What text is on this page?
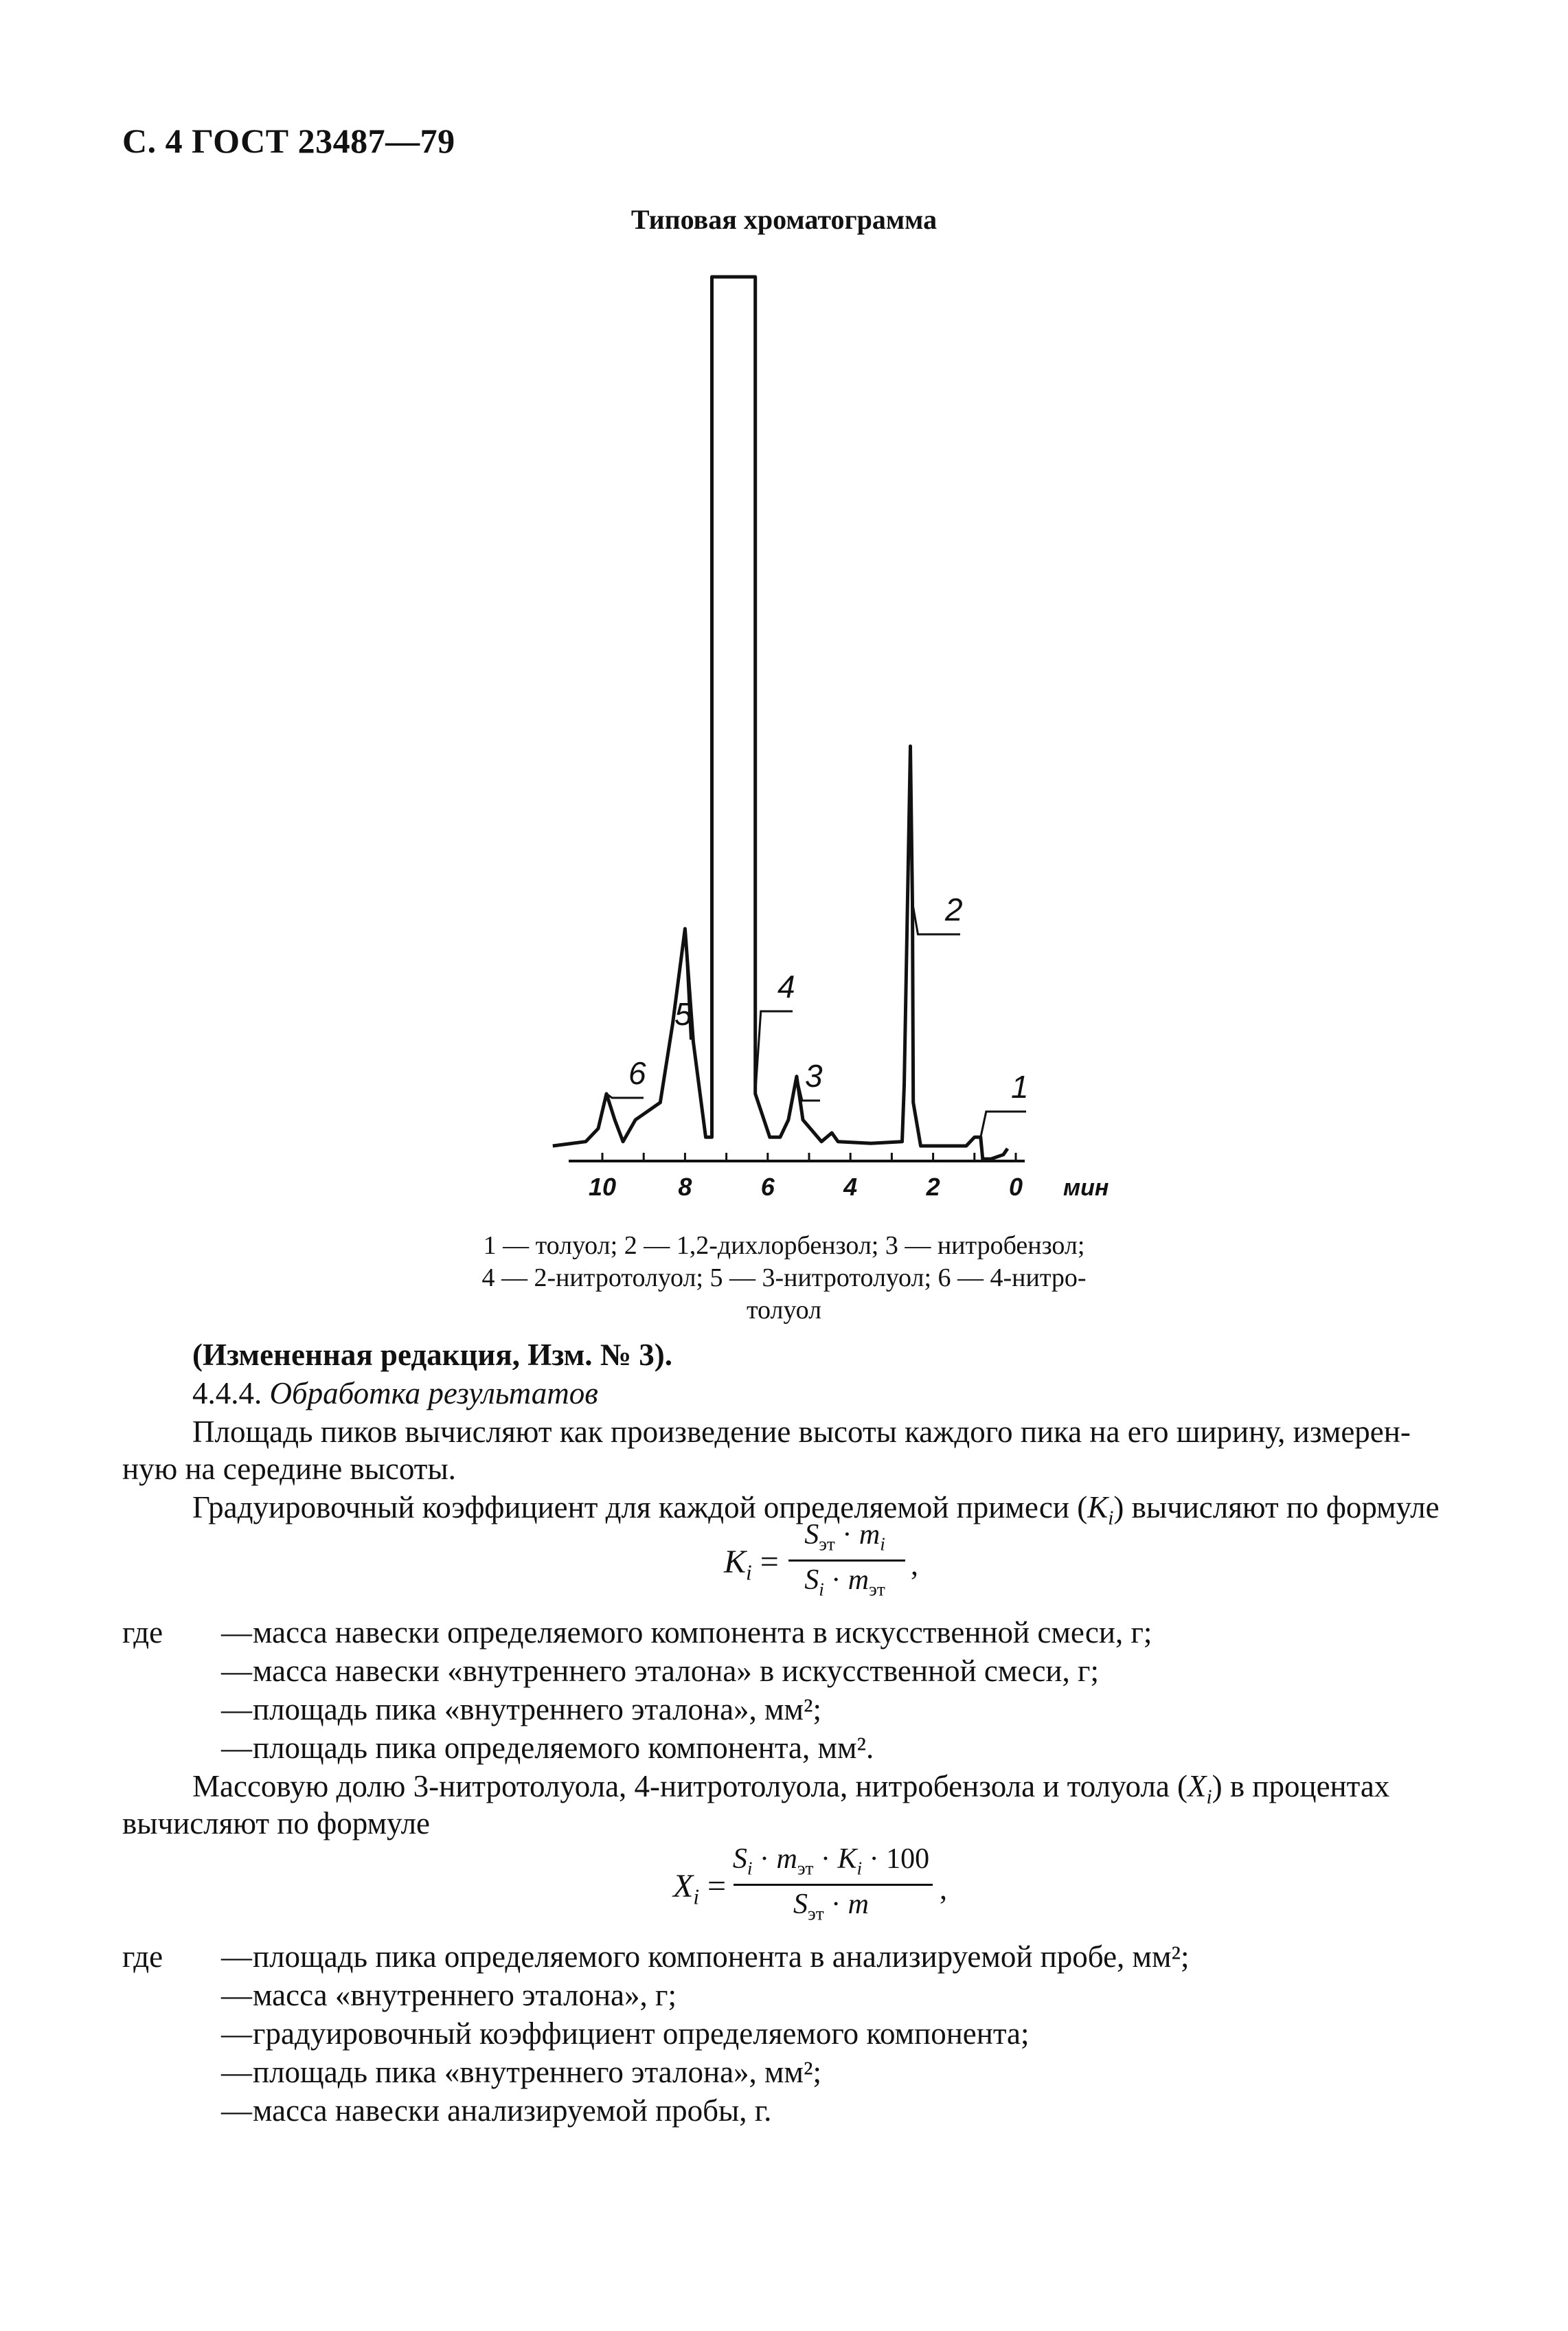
С. 4 ГОСТ 23487—79
Типовая хроматограмма
10	8	6	4	2	0 мин
1
2
3
4
5
6
1 — толуол; 2 — 1,2-дихлорбензол; 3 — нитробензол;
4 — 2-нитротолуол; 5 — 3-нитротолуол; 6 — 4-нитро-
толуол
(Измененная редакция, Изм. № 3).
4.4.4. Обработка результатов
Площадь пиков вычисляют как произведение высоты каждого пика на его ширину, измерен-
ную на середине высоты.
Градуировочный коэффициент для каждой определяемой примеси $(K_i)$ вычисляют по формуле
$K_i$ =
$S_{эт} \cdot m_i$
$S_i \cdot m_{эт}$
,
где — масса навески определяемого компонента в искусственной смеси, г;
— масса навески «внутреннего эталона» в искусственной смеси, г;
— площадь пика «внутреннего эталона», мм²;
— площадь пика определяемого компонента, мм².
Массовую долю 3-нитротолуола, 4-нитротолуола, нитробензола и толуола $(X_i)$ в процентах
вычисляют по формуле
$X_i$ =
$S_i \cdot m_{эт} \cdot K_i \cdot 100$
$S_{эт} \cdot m$	,
где — площадь пика определяемого компонента в анализируемой пробе, мм²;
— масса «внутреннего эталона», г;
— градуировочный коэффициент определяемого компонента;
— площадь пика «внутреннего эталона», мм²;
— масса навески анализируемой пробы, г.
